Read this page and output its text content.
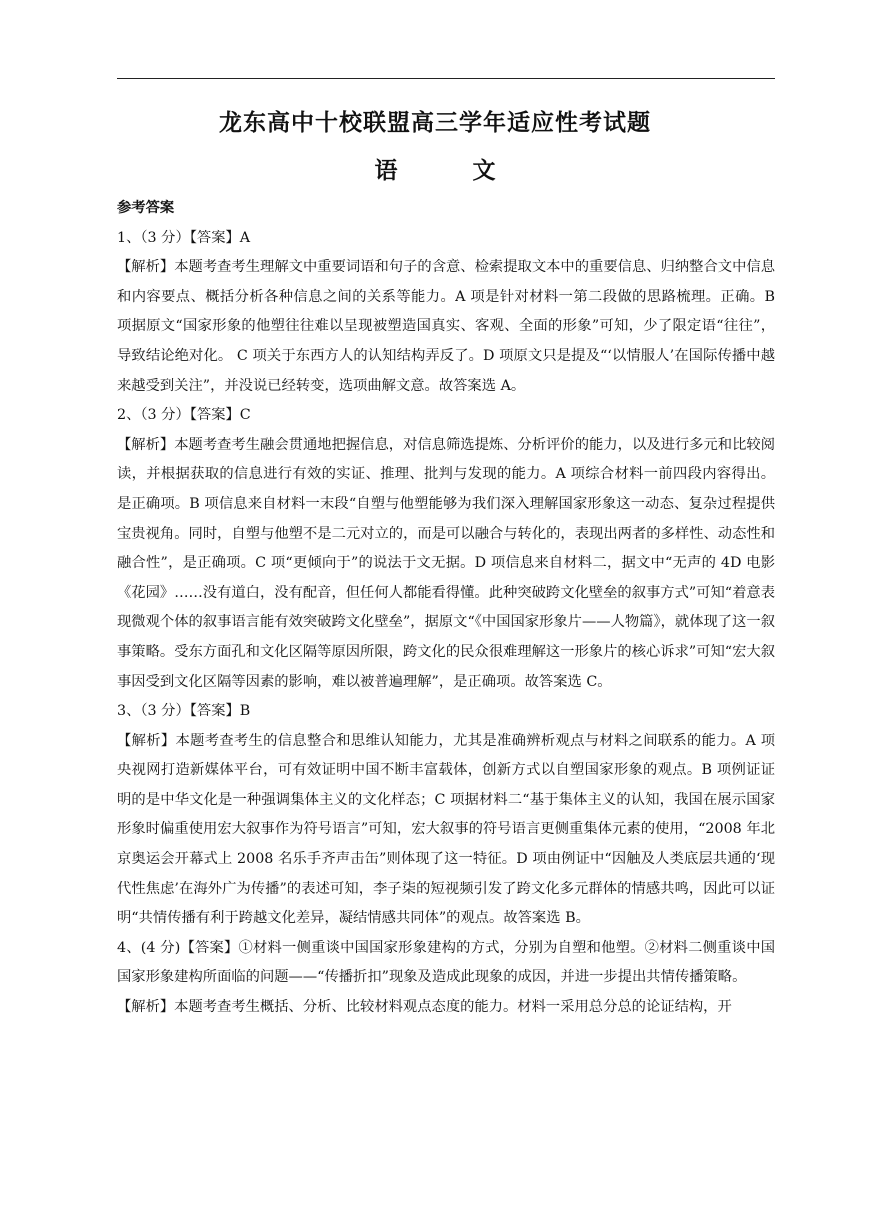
龙东高中十校联盟高三学年适应性考试题
语　文

参考答案

1、（3 分）【答案】A

【解析】本题考查考生理解文中重要词语和句子的含意、检索提取文本中的重要信息、归纳整合文中信息和内容要点、概括分析各种信息之间的关系等能力。A 项是针对材料一第二段做的思路梳理。正确。B 项据原文“国家形象的他塑往往难以呈现被塑造国真实、客观、全面的形象”可知，少了限定语“往往”，导致结论绝对化。 C 项关于东西方人的认知结构弄反了。D 项原文只是提及“‘以情服人’在国际传播中越来越受到关注”，并没说已经转变，选项曲解文意。故答案选 A。

2、（3 分）【答案】C

【解析】本题考查考生融会贯通地把握信息，对信息筛选提炼、分析评价的能力，以及进行多元和比较阅读，并根据获取的信息进行有效的实证、推理、批判与发现的能力。A 项综合材料一前四段内容得出。是正确项。B 项信息来自材料一末段“自塑与他塑能够为我们深入理解国家形象这一动态、复杂过程提供宝贵视角。同时，自塑与他塑不是二元对立的，而是可以融合与转化的，表现出两者的多样性、动态性和融合性”，是正确项。C 项“更倾向于”的说法于文无据。D 项信息来自材料二，据文中“无声的 4D 电影《花园》……没有道白，没有配音，但任何人都能看得懂。此种突破跨文化壁垒的叙事方式”可知“着意表现微观个体的叙事语言能有效突破跨文化壁垒”，据原文“《中国国家形象片——人物篇》，就体现了这一叙事策略。受东方面孔和文化区隔等原因所限，跨文化的民众很难理解这一形象片的核心诉求”可知“宏大叙事因受到文化区隔等因素的影响，难以被普遍理解”，是正确项。故答案选 C。

3、（3 分）【答案】B

【解析】本题考查考生的信息整合和思维认知能力，尤其是准确辨析观点与材料之间联系的能力。A 项央视网打造新媒体平台，可有效证明中国不断丰富载体，创新方式以自塑国家形象的观点。B 项例证证明的是中华文化是一种强调集体主义的文化样态；C 项据材料二“基于集体主义的认知，我国在展示国家形象时偏重使用宏大叙事作为符号语言”可知，宏大叙事的符号语言更侧重集体元素的使用，“2008 年北京奥运会开幕式上 2008 名乐手齐声击缶”则体现了这一特征。D 项由例证中“因触及人类底层共通的‘现代性焦虑’在海外广为传播”的表述可知，李子柒的短视频引发了跨文化多元群体的情感共鸣，因此可以证明“共情传播有利于跨越文化差异，凝结情感共同体”的观点。故答案选 B。

4、(4 分)【答案】①材料一侧重谈中国国家形象建构的方式，分别为自塑和他塑。②材料二侧重谈中国国家形象建构所面临的问题——“传播折扣”现象及造成此现象的成因，并进一步提出共情传播策略。

【解析】本题考查考生概括、分析、比较材料观点态度的能力。材料一采用总分总的论证结构，开
